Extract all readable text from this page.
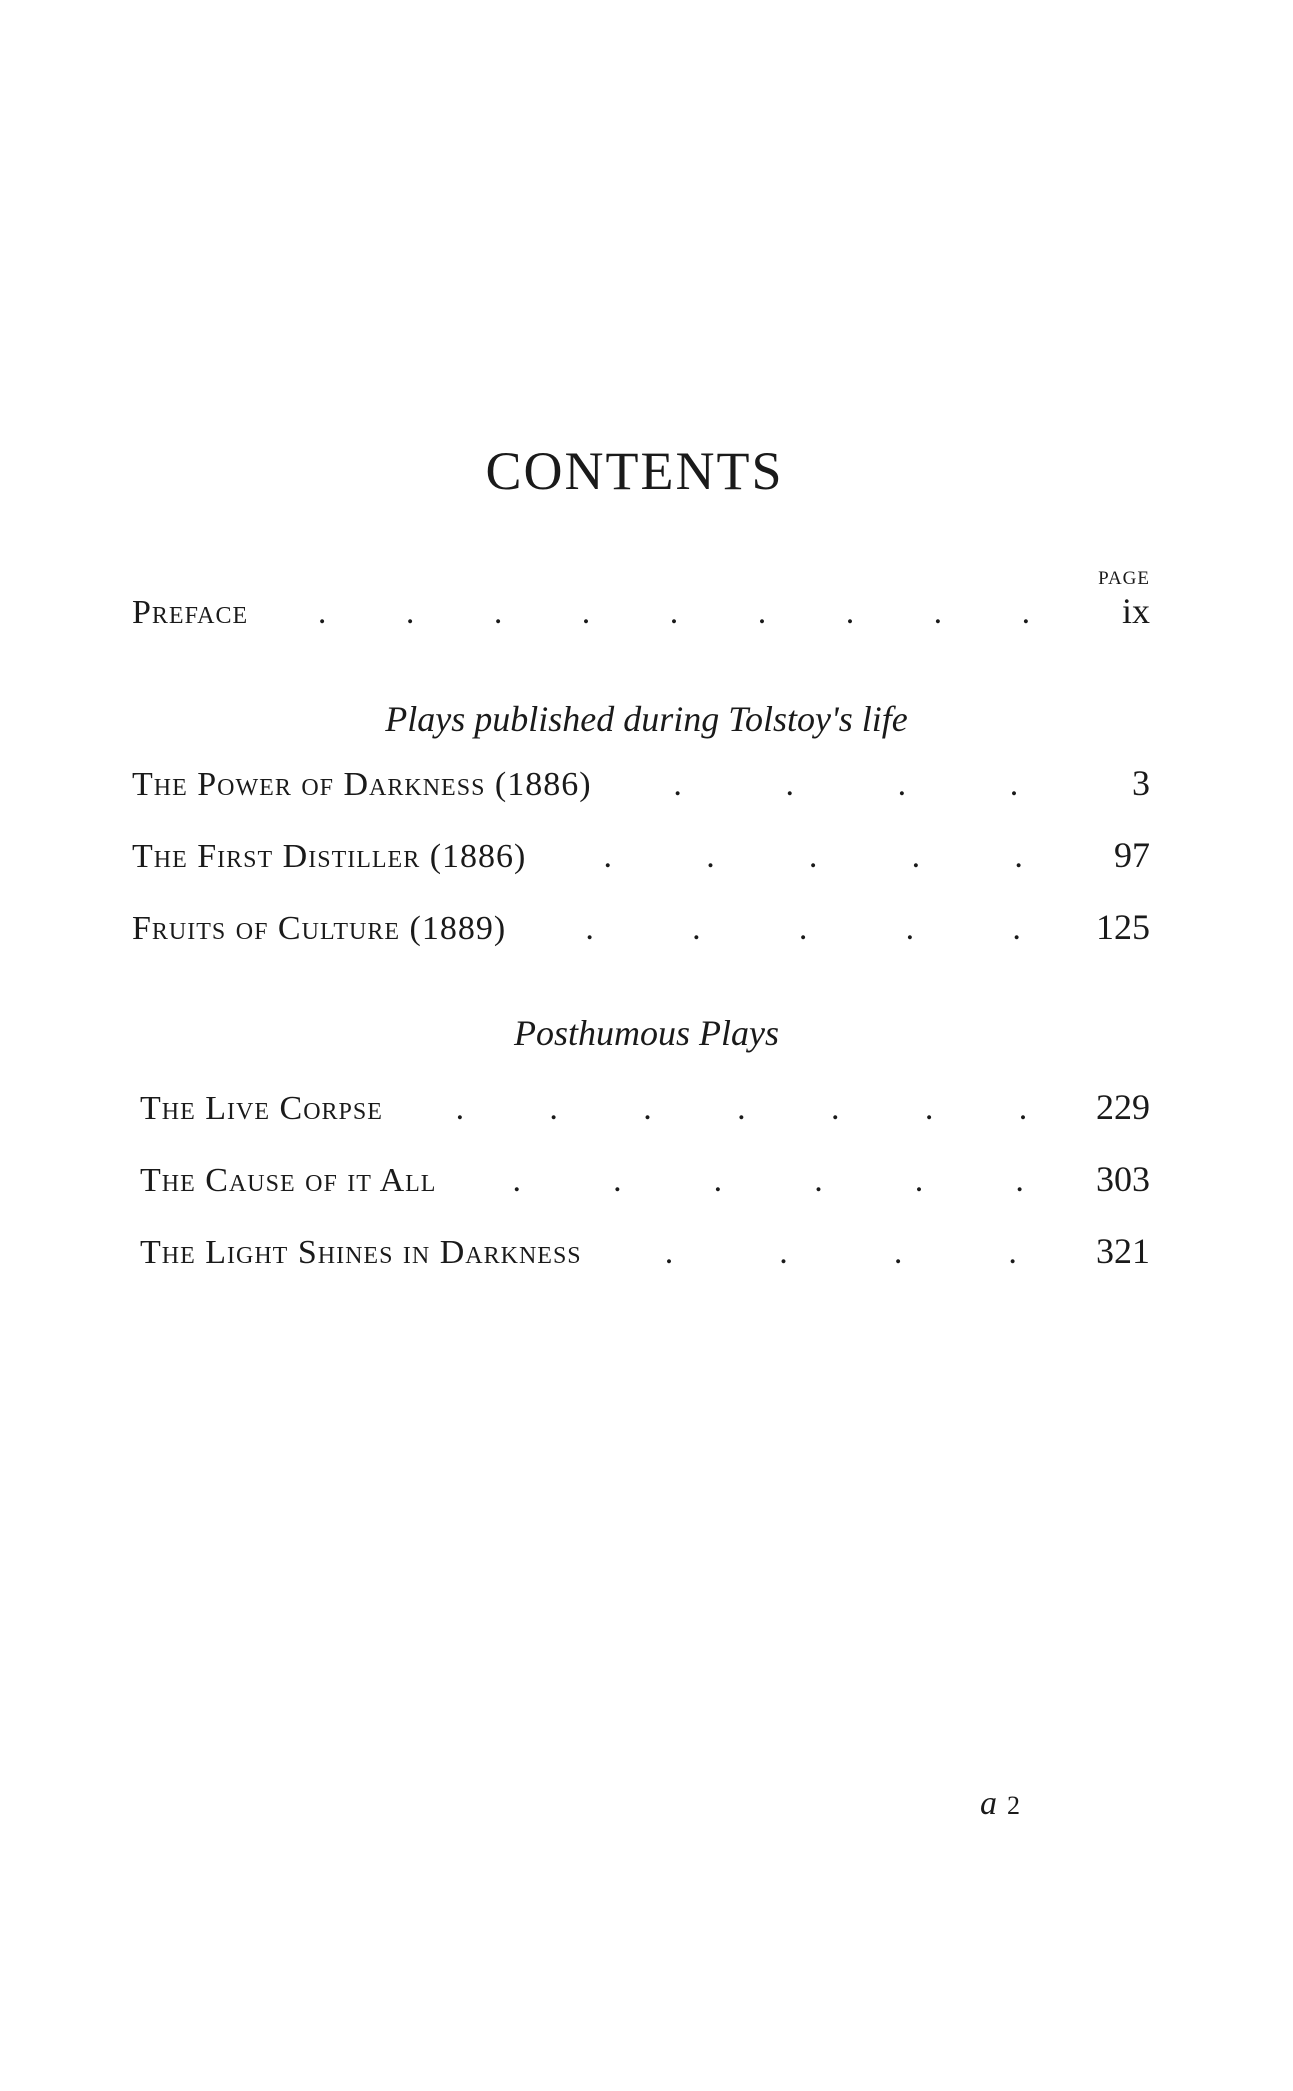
CONTENTS
PAGE
Preface . . . . . . . . .	ix
Plays published during Tolstoy's life
The Power of Darkness (1886) .	.	.	.	3
The First Distiller (1886) .	.	.	.	.	97
Fruits of Culture (1889) .	.	.	.	. 125
Posthumous Plays
The Live Corpse .	.	.	.	.	.	. 229
The Cause of it All .	.	.	.	.	. 303
The Light Shines in Darkness .	.	.	. 321
a 2
